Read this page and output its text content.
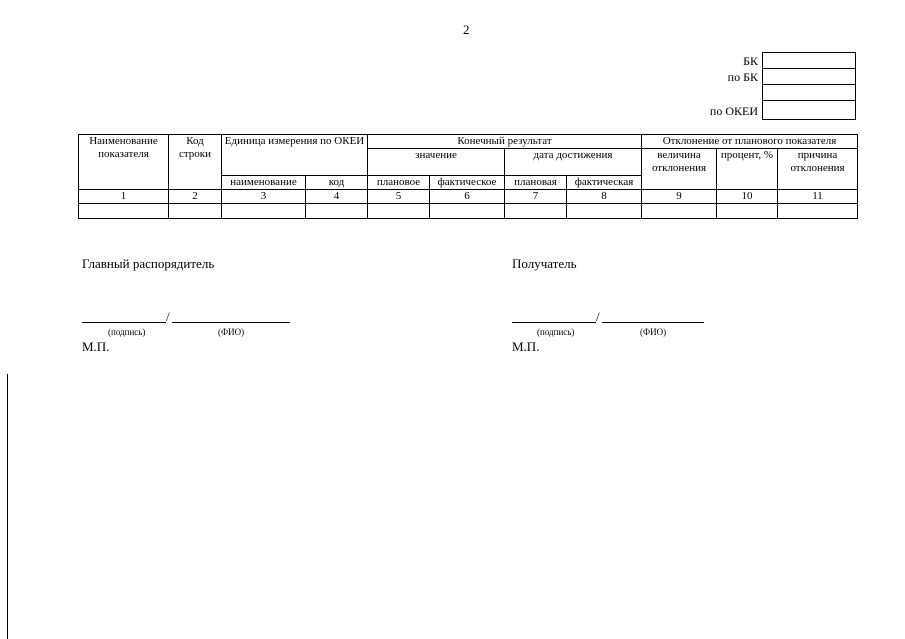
2
БК
по БК
по ОКЕИ
Наименование показателя	Код строки	Единица измерения по ОКЕИ		Конечный результат				Отклонение от планового показателя		
				значение		дата достижения		величина отклонения	процент, %	причина отклонения
		наименование	код	плановое	фактическое	плановая	фактическая			
1	2	3	4	5	6	7	8	9	10	11

Главный распорядитель
/
(подпись)	(ФИО)
М.П.
Получатель
/
(подпись)	(ФИО)
М.П.
